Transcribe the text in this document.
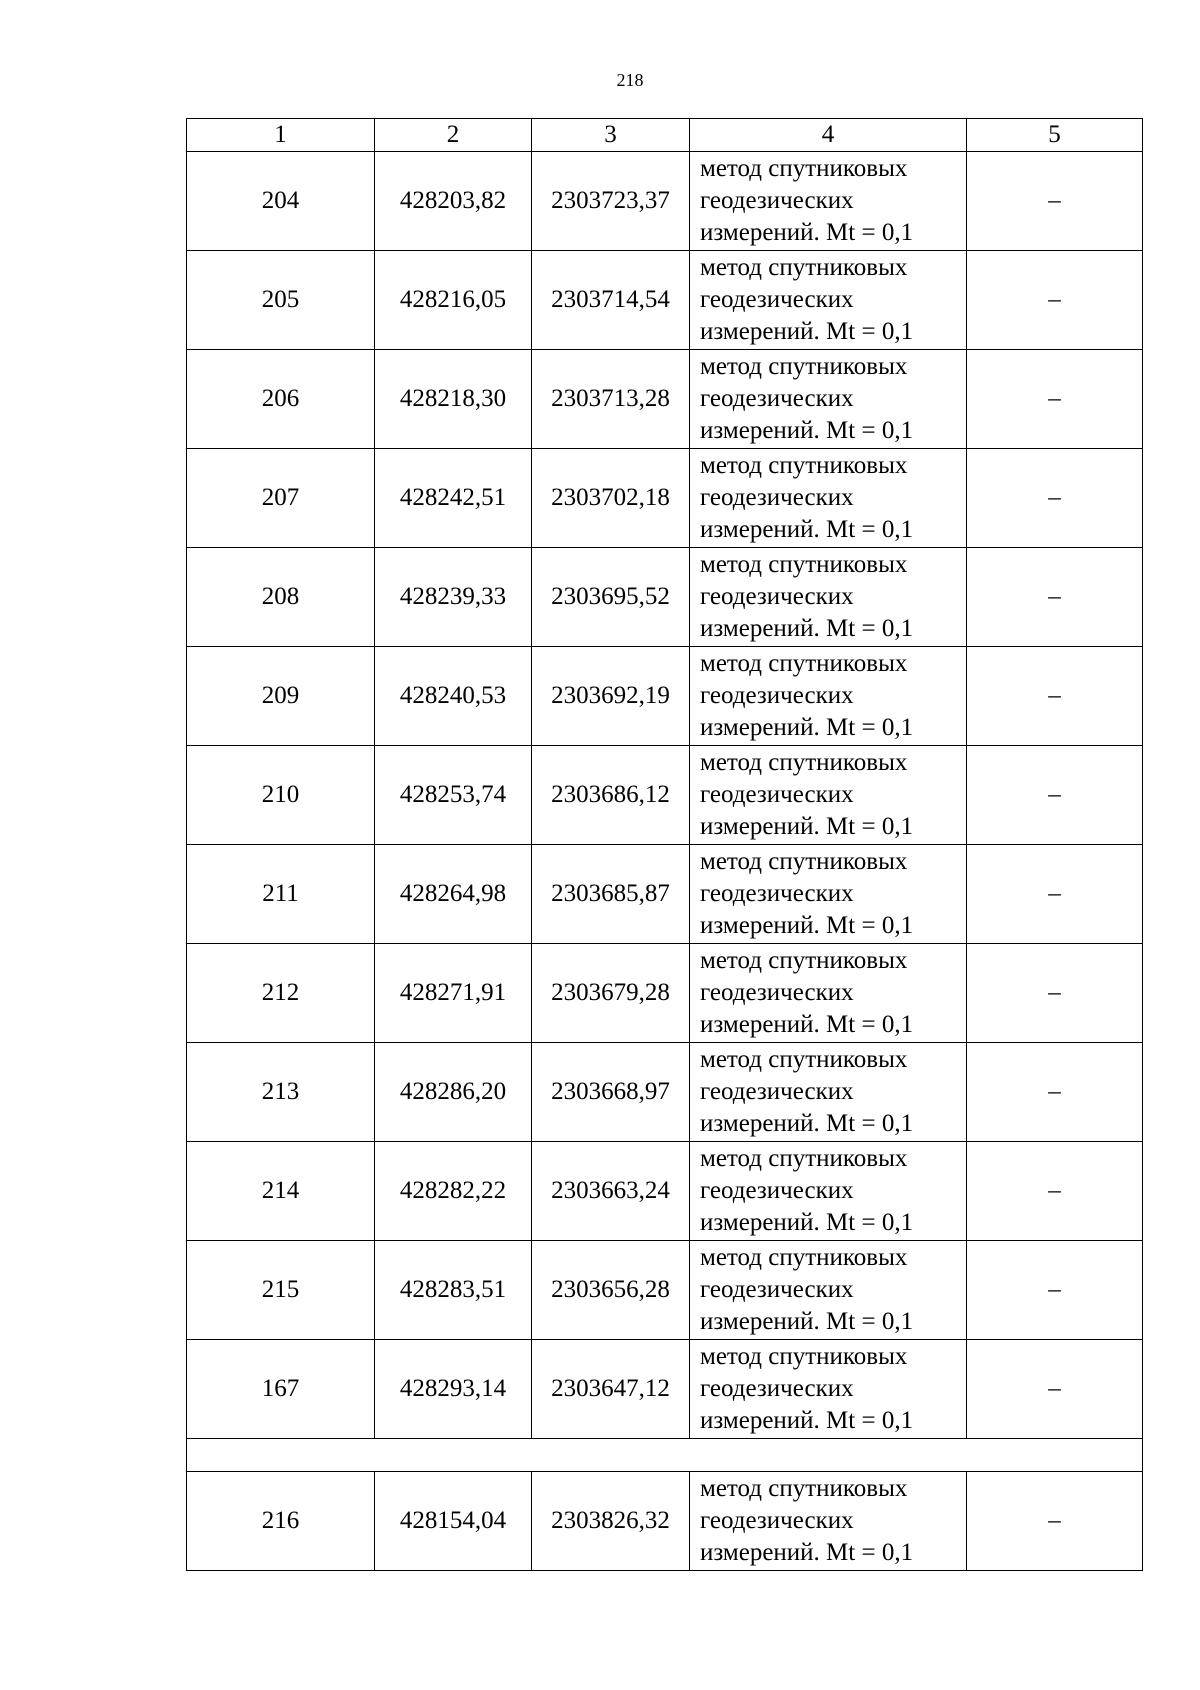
218
1	2	3	4	5
204	428203,82	2303723,37	метод спутниковых
геодезических
измерений. Mt = 0,1	–
205	428216,05	2303714,54	метод спутниковых
геодезических
измерений. Mt = 0,1	–
206	428218,30	2303713,28	метод спутниковых
геодезических
измерений. Mt = 0,1	–
207	428242,51	2303702,18	метод спутниковых
геодезических
измерений. Mt = 0,1	–
208	428239,33	2303695,52	метод спутниковых
геодезических
измерений. Mt = 0,1	–
209	428240,53	2303692,19	метод спутниковых
геодезических
измерений. Mt = 0,1	–
210	428253,74	2303686,12	метод спутниковых
геодезических
измерений. Mt = 0,1	–
211	428264,98	2303685,87	метод спутниковых
геодезических
измерений. Mt = 0,1	–
212	428271,91	2303679,28	метод спутниковых
геодезических
измерений. Mt = 0,1	–
213	428286,20	2303668,97	метод спутниковых
геодезических
измерений. Mt = 0,1	–
214	428282,22	2303663,24	метод спутниковых
геодезических
измерений. Mt = 0,1	–
215	428283,51	2303656,28	метод спутниковых
геодезических
измерений. Mt = 0,1	–
167	428293,14	2303647,12	метод спутниковых
геодезических
измерений. Mt = 0,1	–

216	428154,04	2303826,32	метод спутниковых
геодезических
измерений. Mt = 0,1	–
